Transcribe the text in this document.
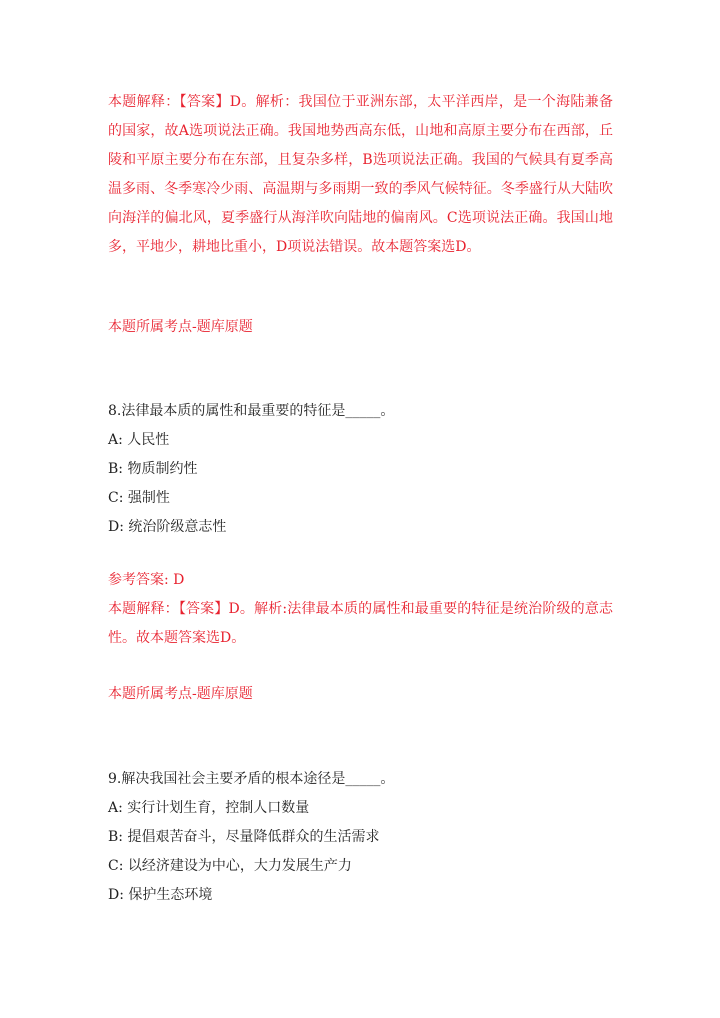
本题解释：【答案】D。解析：我国位于亚洲东部，太平洋西岸，是一个海陆兼备的国家，故A选项说法正确。我国地势西高东低，山地和高原主要分布在西部，丘陵和平原主要分布在东部，且复杂多样，B选项说法正确。我国的气候具有夏季高温多雨、冬季寒冷少雨、高温期与多雨期一致的季风气候特征。冬季盛行从大陆吹向海洋的偏北风，夏季盛行从海洋吹向陆地的偏南风。C选项说法正确。我国山地多，平地少，耕地比重小，D项说法错误。故本题答案选D。
本题所属考点-题库原题
8.法律最本质的属性和最重要的特征是_____。
A: 人民性
B: 物质制约性
C: 强制性
D: 统治阶级意志性
参考答案: D
本题解释：【答案】D。解析:法律最本质的属性和最重要的特征是统治阶级的意志性。故本题答案选D。
本题所属考点-题库原题
9.解决我国社会主要矛盾的根本途径是_____。
A: 实行计划生育，控制人口数量
B: 提倡艰苦奋斗，尽量降低群众的生活需求
C: 以经济建设为中心，大力发展生产力
D: 保护生态环境
